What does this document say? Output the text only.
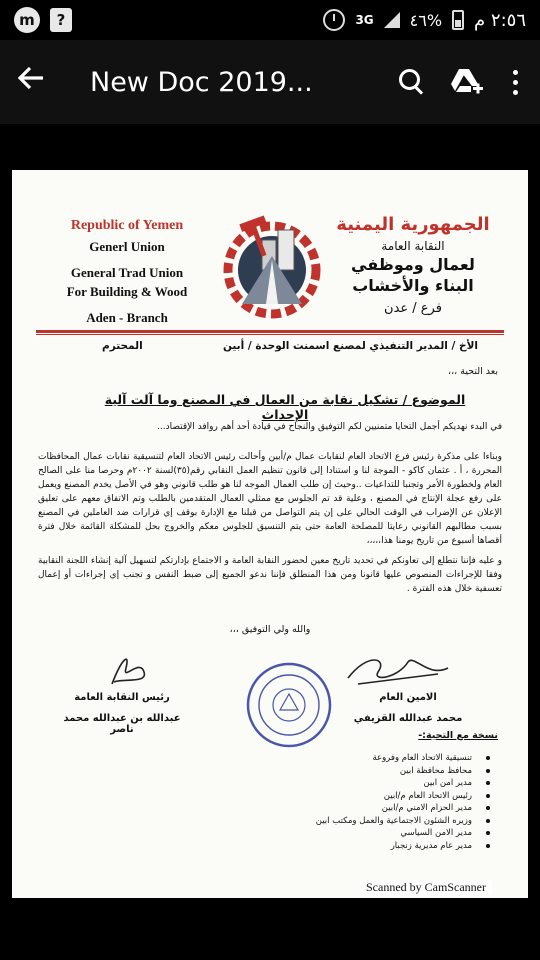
m	?	3G ٤٦% ٢:٥٦ م
New Doc 2019...
Republic of Yemen
Generl Union
General Trad Union
For Building & Wood
Aden - Branch
الجمهورية اليمنية
النقابة العامة
لعمال وموظفي
البناء والأخشاب
فرع / عدن
الأخ / المدير التنفيذي لمصنع اسمنت الوحدة / أبين
المحترم
بعد التحية ،،،
الموضوع / تشكيل نقابة من العمال في المصنع وما آلت آلية الإحداث

في البدء نهديكم أجمل التحايا متمنيين لكم التوفيق والنجاح في قيادة أحد أهم روافد الإقتصاد...

وبناءا على مذكرة رئيس فرع الاتحاد العام لنقابات عمال م/أبين وأحالت رئيس الاتحاد العام لتنسيقية نقابات عمال المحافظات المحررة ، أ . عثمان كاكو - الموجة لنا و استنادا إلى قانون تنظيم العمل النقابي رقم(٣٥)لسنة ٢٠٠٢م وحرصا منا على الصالح العام ولخطورة الأمر وتجنبا للتداعيات ..وحيث إن طلب العمال الموجه لنا هو طلب قانوني وهو في الأصل يخدم المصنع ويعمل على رفع عجلة الإنتاج في المصنع ، وعلية قد تم الجلوس مع ممثلي العمال المتقدمين بالطلب وتم الاتفاق معهم على تعليق الإعلان عن الإضراب في الوقت الحالي على إن يتم التواصل من قبلنا مع الإدارة بوقف إي قرارات ضد العاملين في المصنع بسبب مطالبهم القانوني رعايتا للمصلحة العامة حتى يتم التنسيق للجلوس معكم والخروج بحل للمشكلة القائمة خلال فترة أقصاها أسبوع من تاريخ يومنا هذا،،،،،

و عليه فإننا نتطلع إلى تعاونكم في تحديد تاريخ معين لحضور النقابة العامة و الاجتماع بإدارتكم لتسهيل آلية إنشاء اللجنة النقابية وفقا للإجراءات المنصوص عليها قانونا ومن هذا المنطلق فإننا ندعو الجميع إلى ضبط النفس و تجنب إي إجراءات أو إعمال تعسفية خلال هذه الفترة .

والله ولي التوفيق ،،،
رئيس النقابة العامة
عبدالله بن عبدالله محمد ناصر
الامين العام
محمد عبدالله القزيفي
نسخة مع التحية:-
تنسيقية الاتحاد العام وفروعة
محافظ محافظة ابين
مدير امن ابين
رئيس الاتحاد العام م/ابين
مدير الحزام الامني م/ابين
وزيره الشئون الاجتماعية والعمل ومكتب ابين
مدير الامن السياسي
مدير عام مديرية زنجبار
Scanned by CamScanner
